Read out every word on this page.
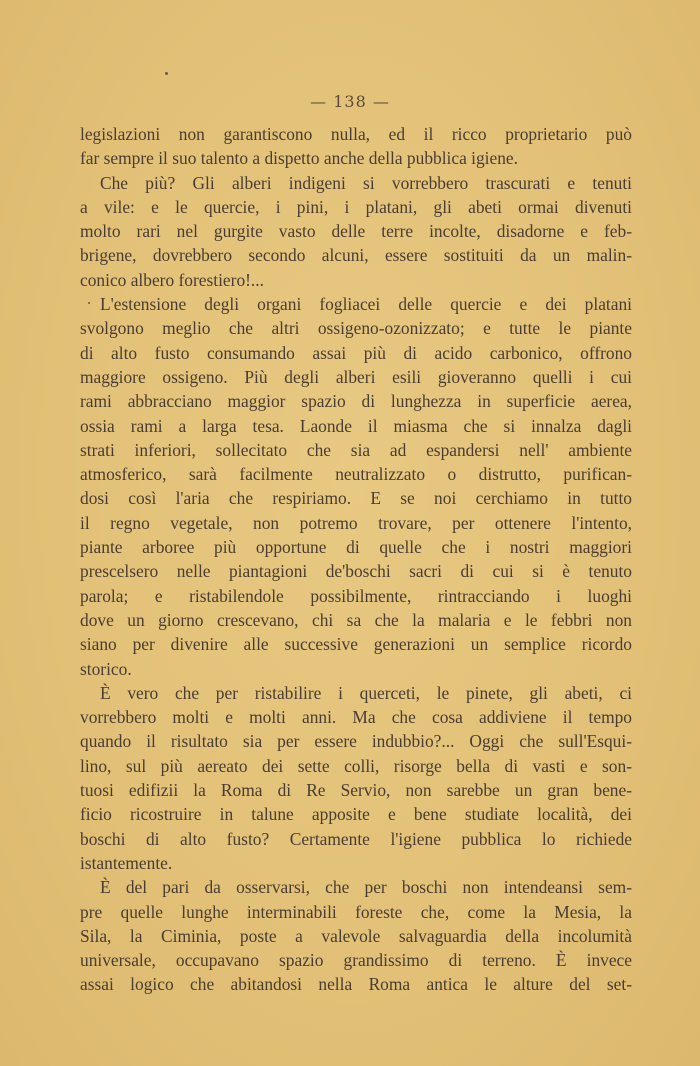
— 138 —
legislazioni non garantiscono nulla, ed il ricco proprietario può
far sempre il suo talento a dispetto anche della pubblica igiene.
Che più? Gli alberi indigeni si vorrebbero trascurati e tenuti
a vile: e le quercie, i pini, i platani, gli abeti ormai divenuti
molto rari nel gurgite vasto delle terre incolte, disadorne e feb-
brigene, dovrebbero secondo alcuni, essere sostituiti da un malin-
conico albero forestiero!...
L'estensione degli organi fogliacei delle quercie e dei platani
svolgono meglio che altri ossigeno-ozonizzato; e tutte le piante
di alto fusto consumando assai più di acido carbonico, offrono
maggiore ossigeno. Più degli alberi esili gioveranno quelli i cui
rami abbracciano maggior spazio di lunghezza in superficie aerea,
ossia rami a larga tesa. Laonde il miasma che si innalza dagli
strati inferiori, sollecitato che sia ad espandersi nell' ambiente
atmosferico, sarà facilmente neutralizzato o distrutto, purifican-
dosi così l'aria che respiriamo. E se noi cerchiamo in tutto
il regno vegetale, non potremo trovare, per ottenere l'intento,
piante arboree più opportune di quelle che i nostri maggiori
prescelsero nelle piantagioni de'boschi sacri di cui si è tenuto
parola; e ristabilendole possibilmente, rintracciando i luoghi
dove un giorno crescevano, chi sa che la malaria e le febbri non
siano per divenire alle successive generazioni un semplice ricordo
storico.
È vero che per ristabilire i querceti, le pinete, gli abeti, ci
vorrebbero molti e molti anni. Ma che cosa addiviene il tempo
quando il risultato sia per essere indubbio?... Oggi che sull'Esqui-
lino, sul più aereato dei sette colli, risorge bella di vasti e son-
tuosi edifizii la Roma di Re Servio, non sarebbe un gran bene-
ficio ricostruire in talune apposite e bene studiate località, dei
boschi di alto fusto? Certamente l'igiene pubblica lo richiede
istantemente.
È del pari da osservarsi, che per boschi non intendeansi sem-
pre quelle lunghe interminabili foreste che, come la Mesia, la
Sila, la Ciminia, poste a valevole salvaguardia della incolumità
universale, occupavano spazio grandissimo di terreno. È invece
assai logico che abitandosi nella Roma antica le alture del set-
